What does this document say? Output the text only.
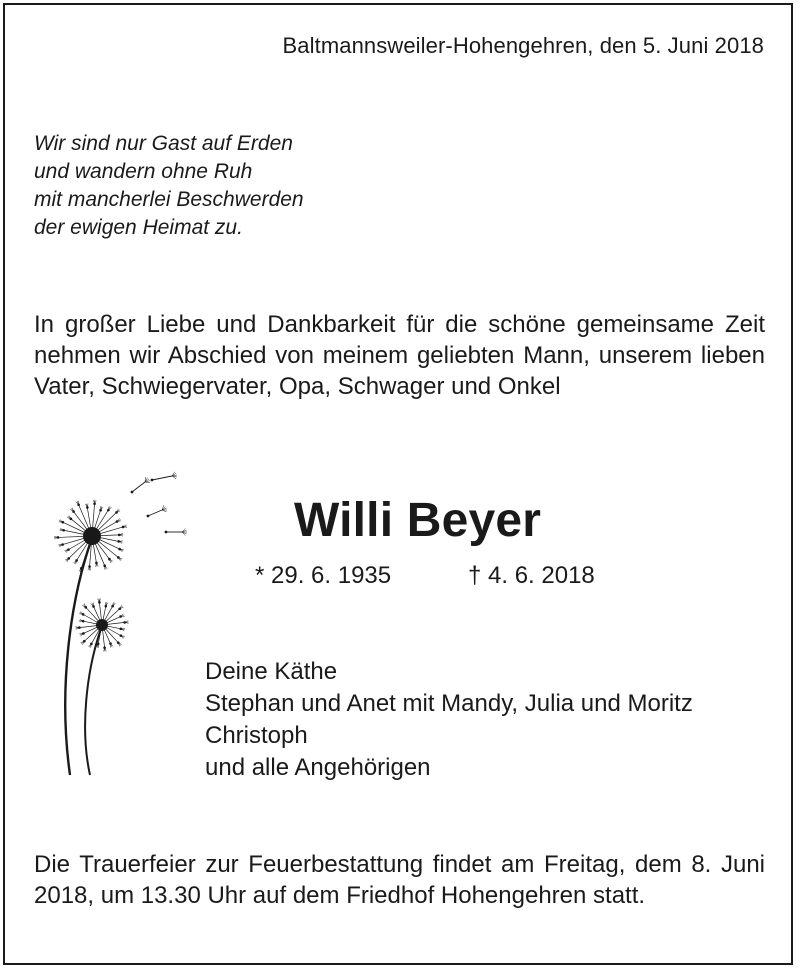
Baltmannsweiler-Hohengehren, den 5. Juni 2018
Wir sind nur Gast auf Erden
und wandern ohne Ruh
mit mancherlei Beschwerden
der ewigen Heimat zu.
In großer Liebe und Dankbarkeit für die schöne gemeinsame Zeit nehmen wir Abschied von meinem geliebten Mann, unserem lieben Vater, Schwiegervater, Opa, Schwager und Onkel
Willi Beyer
* 29. 6. 1935	† 4. 6. 2018
Deine Käthe
Stephan und Anet mit Mandy, Julia und Moritz
Christoph
und alle Angehörigen
Die Trauerfeier zur Feuerbestattung findet am Freitag, dem 8. Juni 2018, um 13.30 Uhr auf dem Friedhof Hohengehren statt.
